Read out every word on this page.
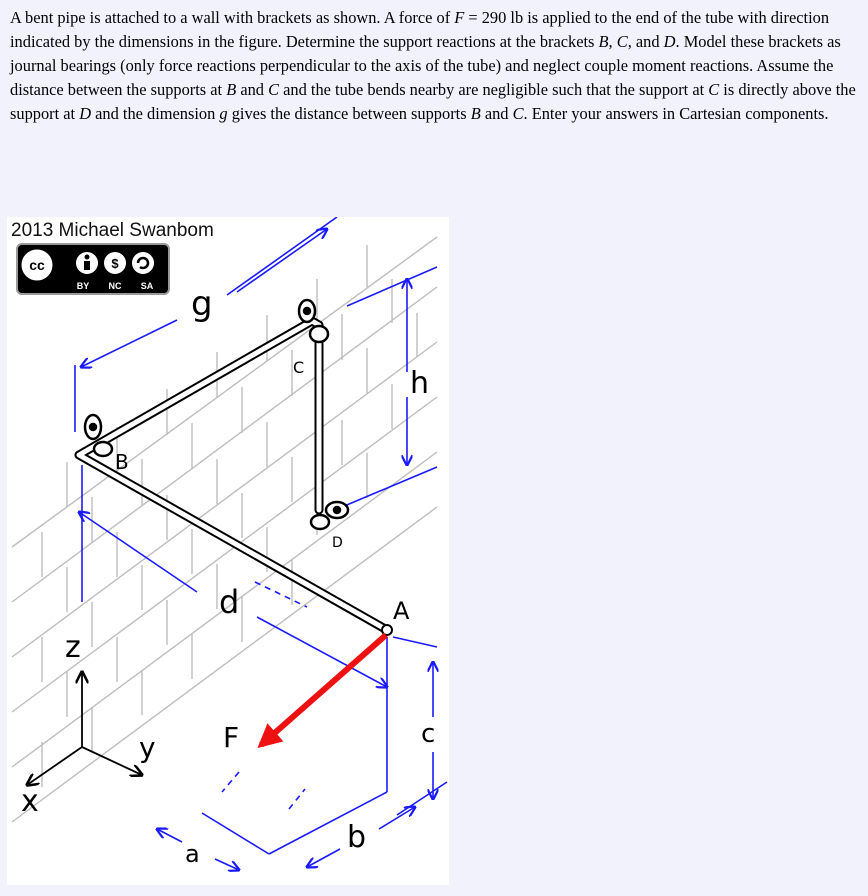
A bent pipe is attached to a wall with brackets as shown. A force of F = 290 lb is applied to the end of the tube with direction indicated by the dimensions in the figure. Determine the support reactions at the brackets B, C, and D. Model these brackets as journal bearings (only force reactions perpendicular to the axis of the tube) and neglect couple moment reactions. Assume the distance between the supports at B and C and the tube bends nearby are negligible such that the support at C is directly above the support at D and the dimension g gives the distance between supports B and C. Enter your answers in Cartesian components.

2013 Michael Swanbom
cc	$
BY NC SA g
h
B
C
D
A
d
F
z
y
x
a	b
c
